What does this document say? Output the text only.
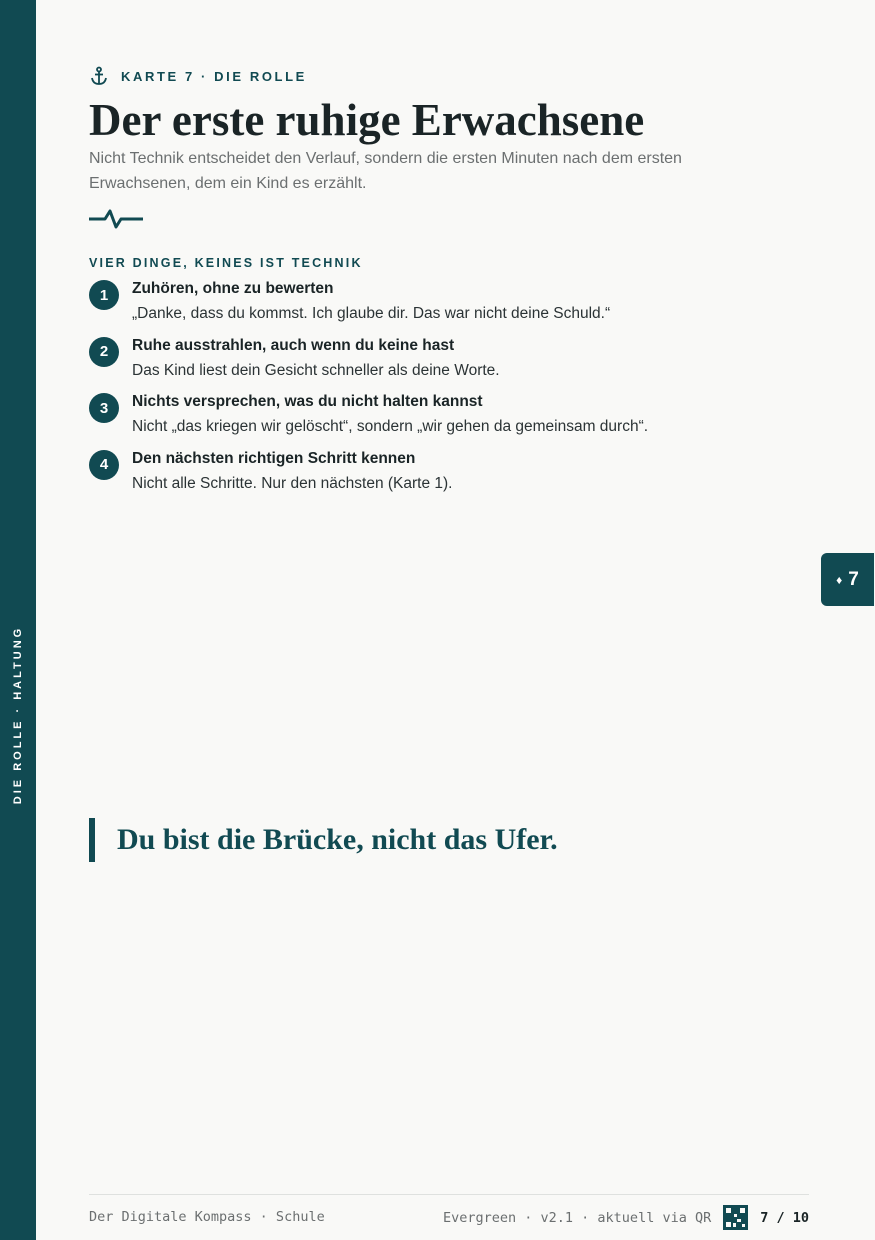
DIE ROLLE · HALTUNG
KARTE 7 · DIE ROLLE
Der erste ruhige Erwachsene

Nicht Technik entscheidet den Verlauf, sondern die ersten Minuten nach dem ersten Erwachsenen, dem ein Kind es erzählt.

VIER DINGE, KEINES IST TECHNIK
1	Zuhören, ohne zu bewerten
„Danke, dass du kommst. Ich glaube dir. Das war nicht deine Schuld.“
2	Ruhe ausstrahlen, auch wenn du keine hast
Das Kind liest dein Gesicht schneller als deine Worte.
3	Nichts versprechen, was du nicht halten kannst
Nicht „das kriegen wir gelöscht“, sondern „wir gehen da gemeinsam durch“.
4	Den nächsten richtigen Schritt kennen
Nicht alle Schritte. Nur den nächsten (Karte 1).
♦ 7
Du bist die Brücke, nicht das Ufer.
Der Digitale Kompass · Schule	Evergreen · v2.1 · aktuell via QR	7 / 10
